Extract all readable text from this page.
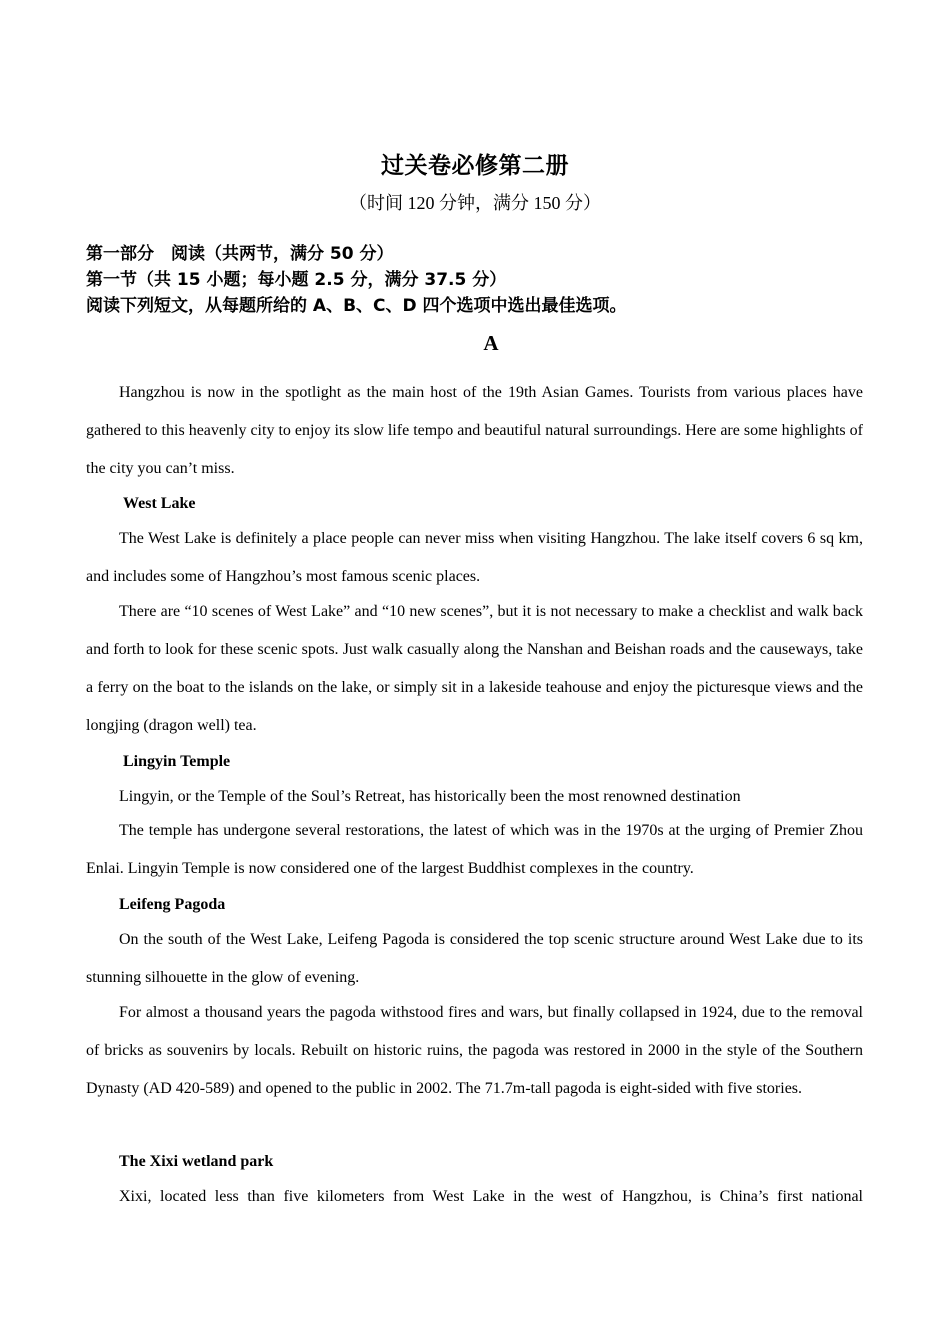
过关卷必修第二册
（时间 120 分钟，满分 150 分）
第一部分　阅读（共两节，满分 50 分）
第一节（共 15 小题；每小题 2.5 分，满分 37.5 分）
阅读下列短文，从每题所给的 A、B、C、D 四个选项中选出最佳选项。
A
Hangzhou is now in the spotlight as the main host of the 19th Asian Games. Tourists from various places have gathered to this heavenly city to enjoy its slow life tempo and beautiful natural surroundings. Here are some highlights of the city you can’t miss.
West Lake
The West Lake is definitely a place people can never miss when visiting Hangzhou. The lake itself covers 6 sq km, and includes some of Hangzhou’s most famous scenic places.
There are “10 scenes of West Lake” and “10 new scenes”, but it is not necessary to make a checklist and walk back and forth to look for these scenic spots. Just walk casually along the Nanshan and Beishan roads and the causeways, take a ferry on the boat to the islands on the lake, or simply sit in a lakeside teahouse and enjoy the picturesque views and the longjing (dragon well) tea.
Lingyin Temple
Lingyin, or the Temple of the Soul’s Retreat, has historically been the most renowned destination
The temple has undergone several restorations, the latest of which was in the 1970s at the urging of Premier Zhou Enlai. Lingyin Temple is now considered one of the largest Buddhist complexes in the country.
Leifeng Pagoda
On the south of the West Lake, Leifeng Pagoda is considered the top scenic structure around West Lake due to its stunning silhouette in the glow of evening.
For almost a thousand years the pagoda withstood fires and wars, but finally collapsed in 1924, due to the removal of bricks as souvenirs by locals. Rebuilt on historic ruins, the pagoda was restored in 2000 in the style of the Southern Dynasty (AD 420-589) and opened to the public in 2002. The 71.7m-tall pagoda is eight-sided with five stories.
The Xixi wetland park
Xixi, located less than five kilometers from West Lake in the west of Hangzhou, is China’s first national
